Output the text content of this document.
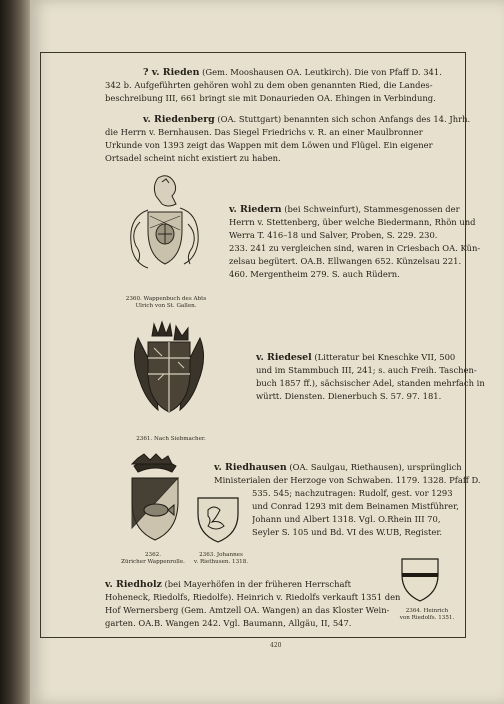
? v. Rieden (Gem. Mooshausen OA. Leutkirch). Die von Pfaff D. 341.
342 b. Aufgeführten gehören wohl zu dem oben genannten Ried, die Landes-
beschreibung III, 661 bringt sie mit Donaurieden OA. Ehingen in Verbindung.
v. Riedenberg (OA. Stuttgart) benannten sich schon Anfangs des 14. Jhrh.
die Herrn v. Bernhausen. Das Siegel Friedrichs v. R. an einer Maulbronner
Urkunde von 1393 zeigt das Wappen mit dem Löwen und Flügel. Ein eigener
Ortsadel scheint nicht existiert zu haben.
2360. Wappenbuch des Abts
Ulrich von St. Gallen.
v. Riedern (bei Schweinfurt), Stammesgenossen der
Herrn v. Stettenberg, über welche Biedermann, Rhön und
Werra T. 416–18 und Salver, Proben, S. 229. 230.
233. 241 zu vergleichen sind, waren in Criesbach OA. Kün-
zelsau begütert. OA.B. Ellwangen 652. Künzelsau 221.
460. Mergentheim 279. S. auch Rüdern.
2361. Nach Siebmacher.
v. Riedesel (Litteratur bei Kneschke VII, 500
und im Stammbuch III, 241; s. auch Freih. Taschen-
buch 1857 ff.), sächsischer Adel, standen mehrfach in
württ. Diensten. Dienerbuch S. 57. 97. 181.
2362.
Züricher Wappenrolle.
2363. Johannes
v. Riethusen. 1318.
v. Riedhausen (OA. Saulgau, Riethausen), ursprünglich
Ministerialen der Herzoge von Schwaben. 1179. 1328. Pfaff D.
535. 545; nachzutragen: Rudolf, gest. vor 1293
und Conrad 1293 mit dem Beinamen Mistführer,
Johann und Albert 1318. Vgl. O.Rhein III 70,
Seyler S. 105 und Bd. VI des W.UB, Register.
v. Riedholz (bei Mayerhöfen in der früheren Herrschaft
Hoheneck, Riedolfs, Riedolfe). Heinrich v. Riedolfs verkauft 1351 den
Hof Wernersberg (Gem. Amtzell OA. Wangen) an das Kloster Wein-
garten. OA.B. Wangen 242. Vgl. Baumann, Allgäu, II, 547.
2364. Heinrich
von Riedolfs. 1351.
420
